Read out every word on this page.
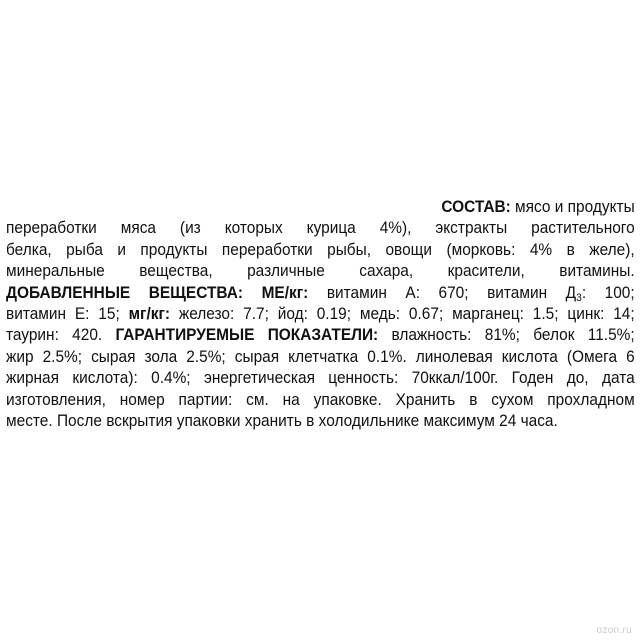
СОСТАВ: мясо и продукты
переработки мяса (из которых курица 4%), экстракты растительного
белка, рыба и продукты переработки рыбы, овощи (морковь: 4% в желе),
минеральные вещества, различные сахара, красители, витамины.
ДОБАВЛЕННЫЕ ВЕЩЕСТВА: МЕ/кг: витамин А: 670; витамин $Д_3$: 100;
витамин Е: 15; мг/кг: железо: 7.7; йод: 0.19; медь: 0.67; марганец: 1.5; цинк: 14;
таурин: 420. ГАРАНТИРУЕМЫЕ ПОКАЗАТЕЛИ: влажность: 81%; белок 11.5%;
жир 2.5%; сырая зола 2.5%; сырая клетчатка 0.1%. линолевая кислота (Омега 6
жирная кислота): 0.4%; энергетическая ценность: 70ккал/100г. Годен до, дата
изготовления, номер партии: см. на упаковке. Хранить в сухом прохладном
месте. После вскрытия упаковки хранить в холодильнике максимум 24 часа.
ozon.ru
